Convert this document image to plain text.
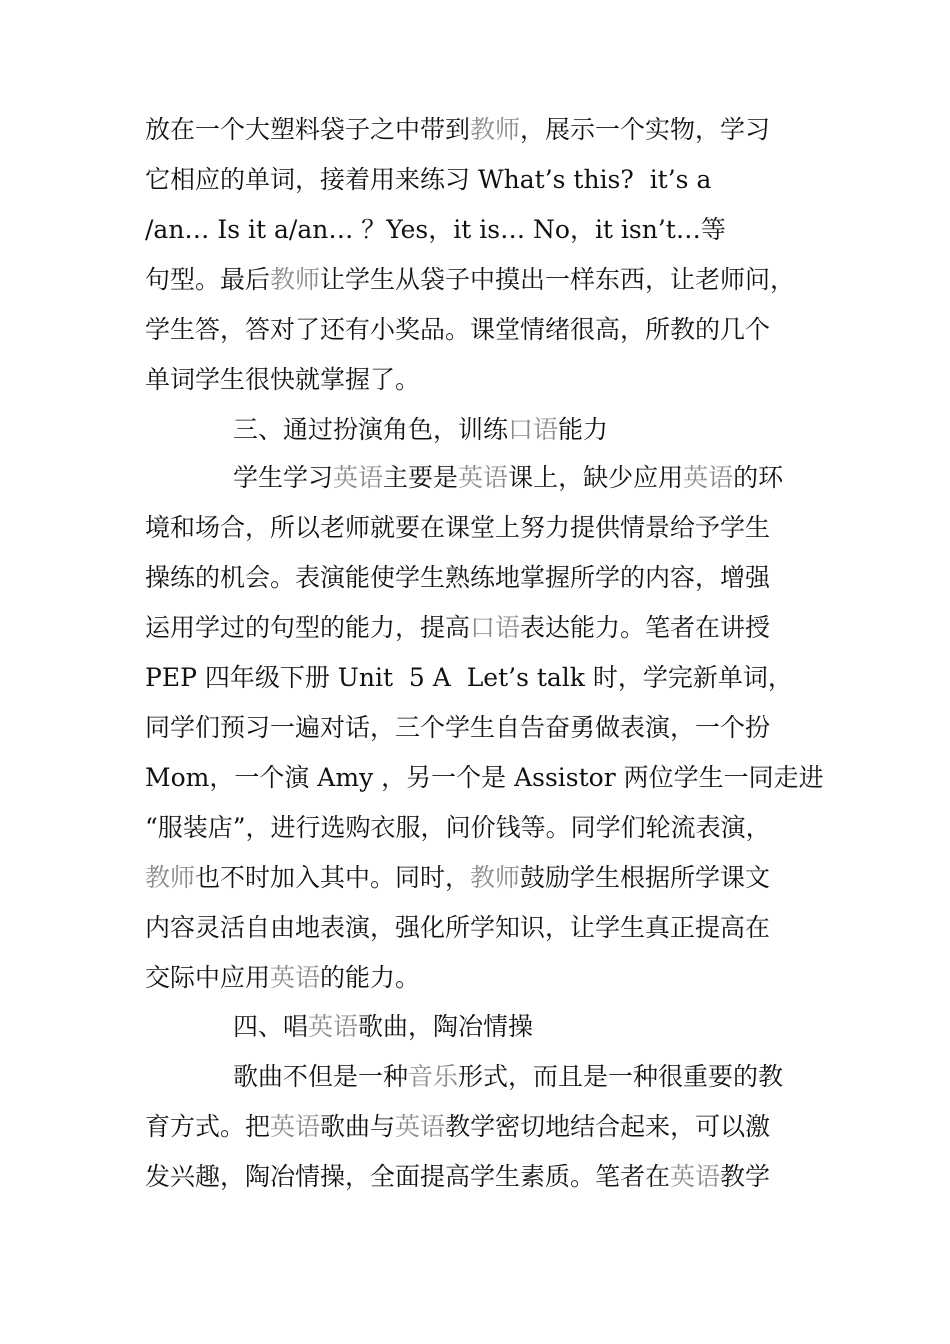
放在一个大塑料袋子之中带到教师，展示一个实物，学习
它相应的单词，接着用来练习 What’s this?  it’s a
/an… Is it a/an… ？Yes，it is… No，it isn’t…等
句型。最后教师让学生从袋子中摸出一样东西，让老师问，
学生答，答对了还有小奖品。课堂情绪很高，所教的几个
单词学生很快就掌握了。
三、通过扮演角色，训练口语能力
学生学习英语主要是英语课上，缺少应用英语的环
境和场合，所以老师就要在课堂上努力提供情景给予学生
操练的机会。表演能使学生熟练地掌握所学的内容，增强
运用学过的句型的能力，提高口语表达能力。笔者在讲授
PEP 四年级下册 Unit  5 A  Let’s talk 时，学完新单词，
同学们预习一遍对话，三个学生自告奋勇做表演，一个扮
Mom，一个演 Amy ，另一个是 Assistor 两位学生一同走进
“服装店”，进行选购衣服，问价钱等。同学们轮流表演，
教师也不时加入其中。同时，教师鼓励学生根据所学课文
内容灵活自由地表演，强化所学知识，让学生真正提高在
交际中应用英语的能力。
四、唱英语歌曲，陶冶情操
歌曲不但是一种音乐形式，而且是一种很重要的教
育方式。把英语歌曲与英语教学密切地结合起来，可以激
发兴趣，陶冶情操，全面提高学生素质。笔者在英语教学
